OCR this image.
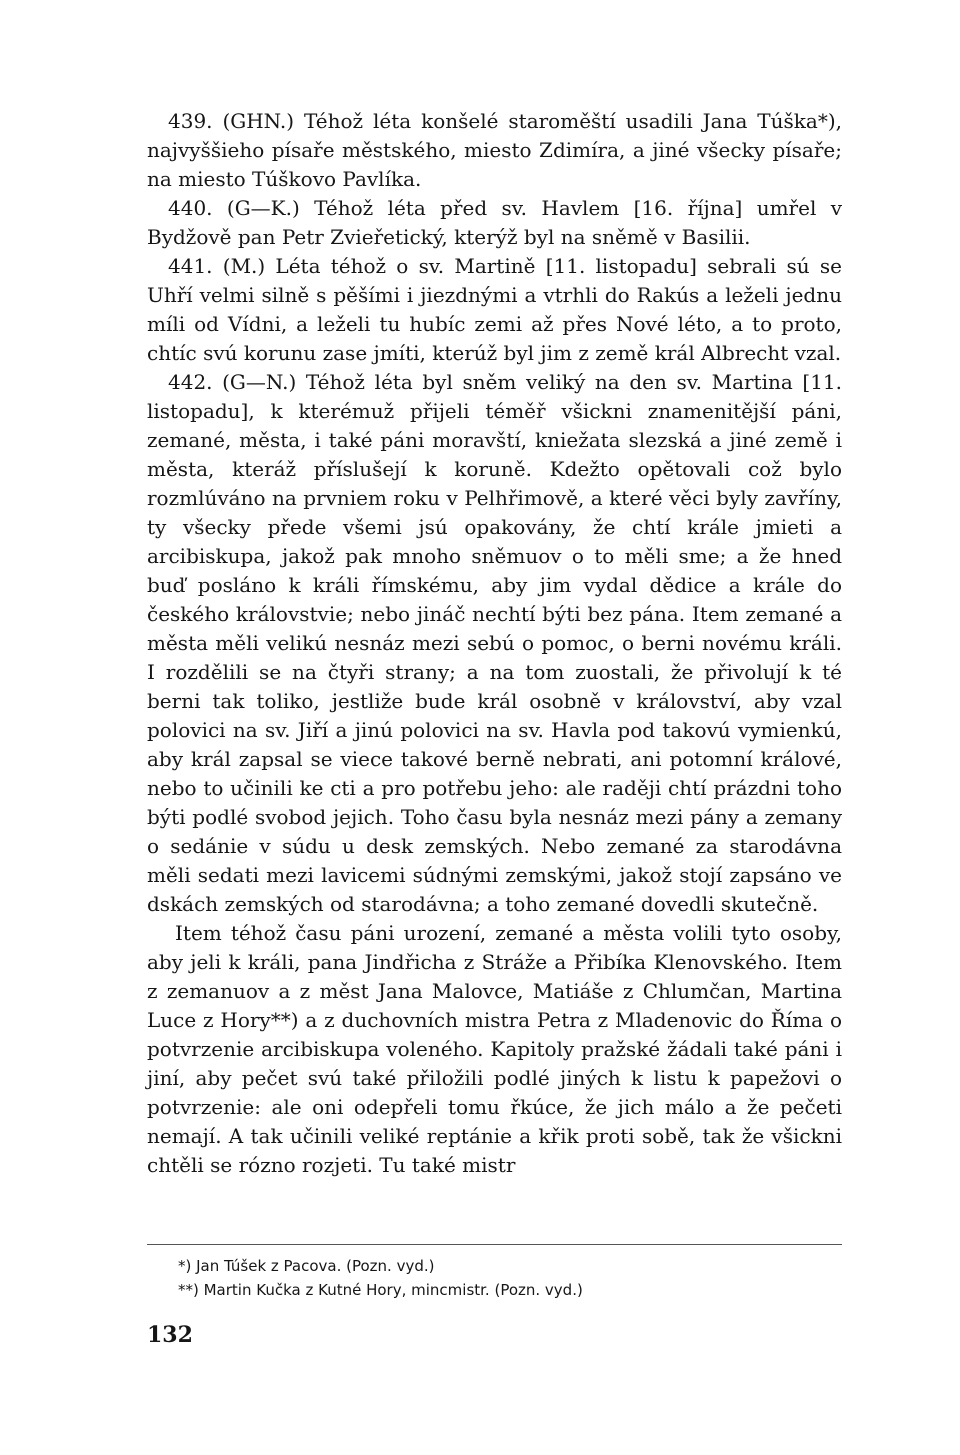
439. (GHN.) Téhož léta konšelé staroměští usadili Jana Túška*), najvyššieho písaře městského, miesto Zdimíra, a jiné všecky písaře; na miesto Túškovo Pavlíka.

440. (G—K.) Téhož léta před sv. Havlem [16. října] umřel v Bydžově pan Petr Zvieřetický, kterýž byl na sněmě v Basilii.

441. (M.) Léta téhož o sv. Martině [11. listopadu] sebrali sú se Uhří velmi silně s pěšími i jiezdnými a vtrhli do Rakús a leželi jednu míli od Vídni, a leželi tu hubíc zemi až přes Nové léto, a to proto, chtíc svú korunu zase jmíti, kterúž byl jim z země král Albrecht vzal.

442. (G—N.) Téhož léta byl sněm veliký na den sv. Martina [11. listopadu], k kterémuž přijeli téměř všickni znamenitější páni, zemané, města, i také páni moravští, kniežata slezská a jiné země i města, kteráž příslušejí k koruně. Kdežto opětovali což bylo rozmlúváno na prvniem roku v Pelhřimově, a které věci byly zavříny, ty všecky přede všemi jsú opakovány, že chtí krále jmieti a arcibiskupa, jakož pak mnoho sněmuov o to měli sme; a že hned buď posláno k králi římskému, aby jim vydal dědice a krále do českého královstvie; nebo jináč nechtí býti bez pána. Item zemané a města měli velikú nesnáz mezi sebú o pomoc, o berni novému králi. I rozdělili se na čtyři strany; a na tom zuostali, že přivolují k té berni tak toliko, jestliže bude král osobně v království, aby vzal polovici na sv. Jiří a jinú polovici na sv. Havla pod takovú vymienkú, aby král zapsal se viece takové berně nebrati, ani potomní králové, nebo to učinili ke cti a pro potřebu jeho: ale raději chtí prázdni toho býti podlé svobod jejich. Toho času byla nesnáz mezi pány a zemany o sedánie v súdu u desk zemských. Nebo zemané za starodávna měli sedati mezi lavicemi súdnými zemskými, jakož stojí zapsáno ve dskách zemských od starodávna; a toho zemané dovedli skutečně.

Item téhož času páni urození, zemané a města volili tyto osoby, aby jeli k králi, pana Jindřicha z Stráže a Přibíka Klenovského. Item z zemanuov a z měst Jana Malovce, Matiáše z Chlumčan, Martina Luce z Hory**) a z duchovních mistra Petra z Mladenovic do Říma o potvrzenie arcibiskupa voleného. Kapitoly pražské žádali také páni i jiní, aby pečet svú také přiložili podlé jiných k listu k papežovi o potvrzenie: ale oni odepřeli tomu řkúce, že jich málo a že pečeti nemají. A tak učinili veliké reptánie a křik proti sobě, tak že všickni chtěli se rózno rozjeti. Tu také mistr

*) Jan Túšek z Pacova. (Pozn. vyd.)
**) Martin Kučka z Kutné Hory, mincmistr. (Pozn. vyd.)
132
